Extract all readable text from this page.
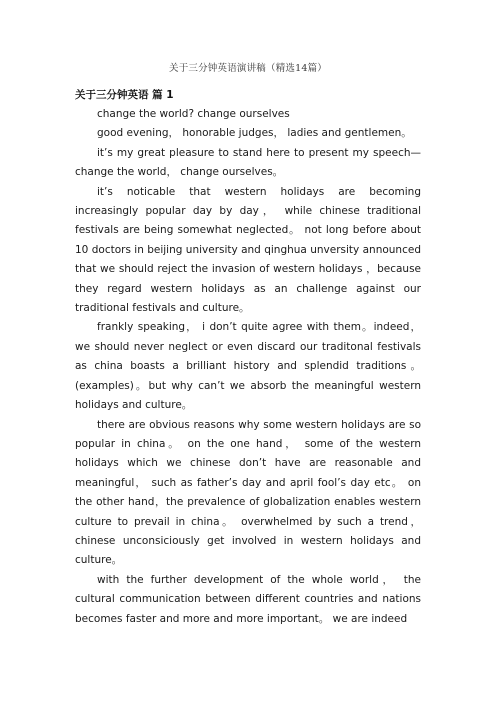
关于三分钟英语演讲稿（精选14篇）

关于三分钟英语 篇 1

change the world? change ourselves

good evening， honorable judges， ladies and gentlemen。

it’s my great pleasure to stand here to present my speech—change the world， change ourselves。

it’s noticable that western holidays are becoming increasingly popular day by day， while chinese traditional festivals are being somewhat neglected。 not long before about 10 doctors in beijing university and qinghua unversity announced that we should reject the invasion of western holidays ，because they regard western holidays as an challenge against our traditional festivals and culture。

frankly speaking， i don’t quite agree with them。indeed，we should never neglect or even discard our traditonal festivals as china boasts a brilliant history and splendid traditions。(examples)。but why can’t we absorb the meaningful western holidays and culture。

there are obvious reasons why some western holidays are so popular in china。 on the one hand， some of the western holidays which we chinese don’t have are reasonable and meaningful， such as father’s day and april fool’s day etc。 on the other hand，the prevalence of globalization enables western culture to prevail in china。 overwhelmed by such a trend， chinese unconsiciously get involved in western holidays and culture。

with the further development of the whole world， the cultural communication between different countries and nations becomes faster and more and more important。 we are indeed
